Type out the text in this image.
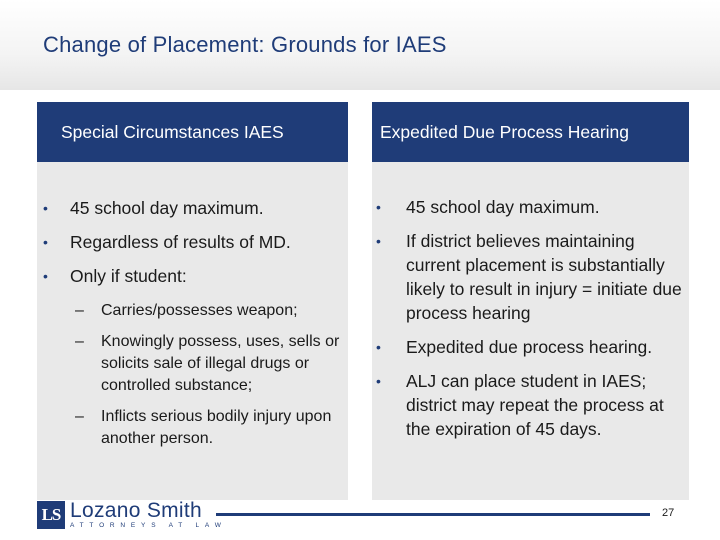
Change of Placement: Grounds for IAES
Special Circumstances IAES
• 45 school day maximum.
• Regardless of results of MD.
• Only if student:
– Carries/possesses weapon;
– Knowingly possess, uses, sells or solicits sale of illegal drugs or controlled substance;
– Inflicts serious bodily injury upon another person.
Expedited Due Process Hearing
• 45 school day maximum.
• If district believes maintaining current placement is substantially likely to result in injury = initiate due process hearing
• Expedited due process hearing.
• ALJ can place student in IAES; district may repeat the process at the expiration of 45 days.
LS Lozano Smith
ATTORNEYS AT LAW
27
